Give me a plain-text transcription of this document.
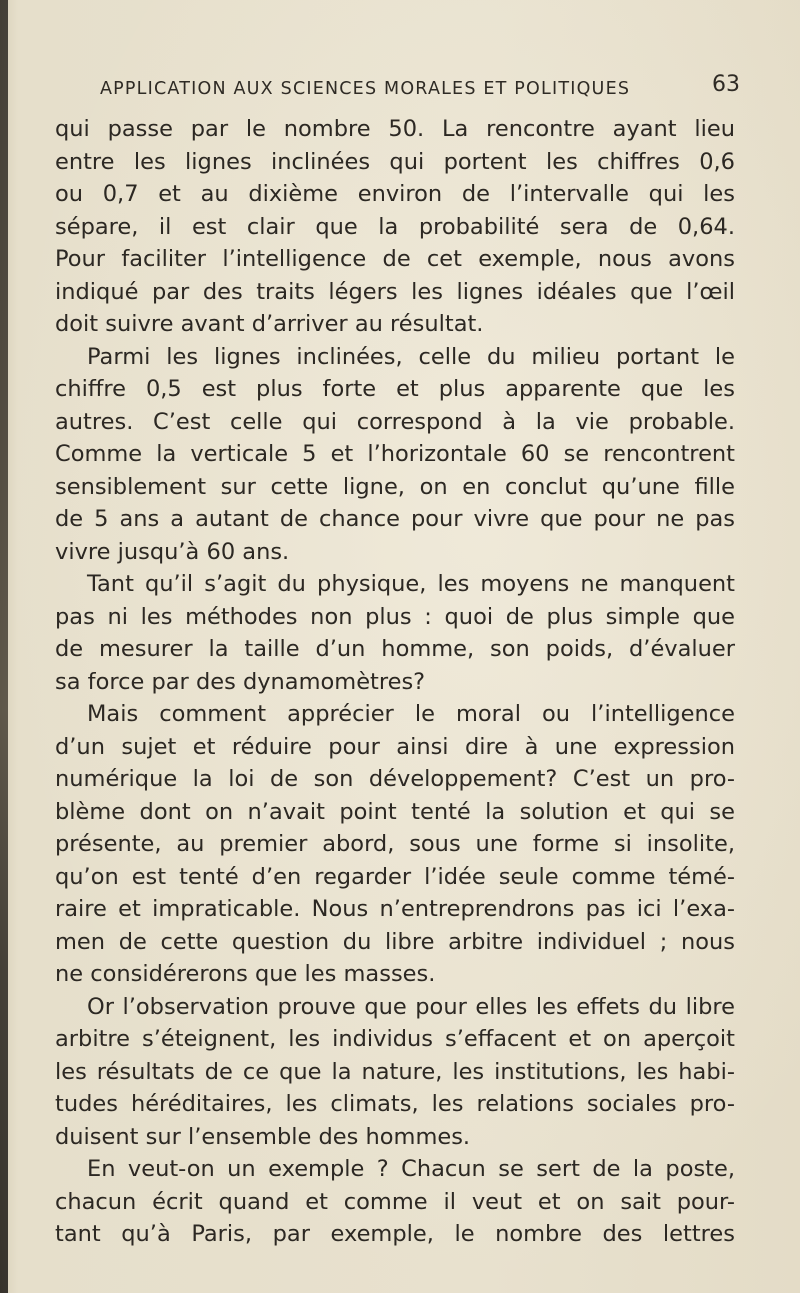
APPLICATION AUX SCIENCES MORALES ET POLITIQUES	63
qui passe par le nombre 50. La rencontre ayant lieu
entre les lignes inclinées qui portent les chiffres 0,6
ou 0,7 et au dixième environ de l’intervalle qui les
sépare, il est clair que la probabilité sera de 0,64.
Pour faciliter l’intelligence de cet exemple, nous avons
indiqué par des traits légers les lignes idéales que l’œil
doit suivre avant d’arriver au résultat.
Parmi les lignes inclinées, celle du milieu portant le
chiffre 0,5 est plus forte et plus apparente que les
autres. C’est celle qui correspond à la vie probable.
Comme la verticale 5 et l’horizontale 60 se rencontrent
sensiblement sur cette ligne, on en conclut qu’une fille
de 5 ans a autant de chance pour vivre que pour ne pas
vivre jusqu’à 60 ans.
Tant qu’il s’agit du physique, les moyens ne manquent
pas ni les méthodes non plus : quoi de plus simple que
de mesurer la taille d’un homme, son poids, d’évaluer
sa force par des dynamomètres?
Mais comment apprécier le moral ou l’intelligence
d’un sujet et réduire pour ainsi dire à une expression
numérique la loi de son développement? C’est un pro-
blème dont on n’avait point tenté la solution et qui se
présente, au premier abord, sous une forme si insolite,
qu’on est tenté d’en regarder l’idée seule comme témé-
raire et impraticable. Nous n’entreprendrons pas ici l’exa-
men de cette question du libre arbitre individuel ; nous
ne considérerons que les masses.
Or l’observation prouve que pour elles les effets du libre
arbitre s’éteignent, les individus s’effacent et on aperçoit
les résultats de ce que la nature, les institutions, les habi-
tudes héréditaires, les climats, les relations sociales pro-
duisent sur l’ensemble des hommes.
En veut-on un exemple ? Chacun se sert de la poste,
chacun écrit quand et comme il veut et on sait pour-
tant qu’à Paris, par exemple, le nombre des lettres
